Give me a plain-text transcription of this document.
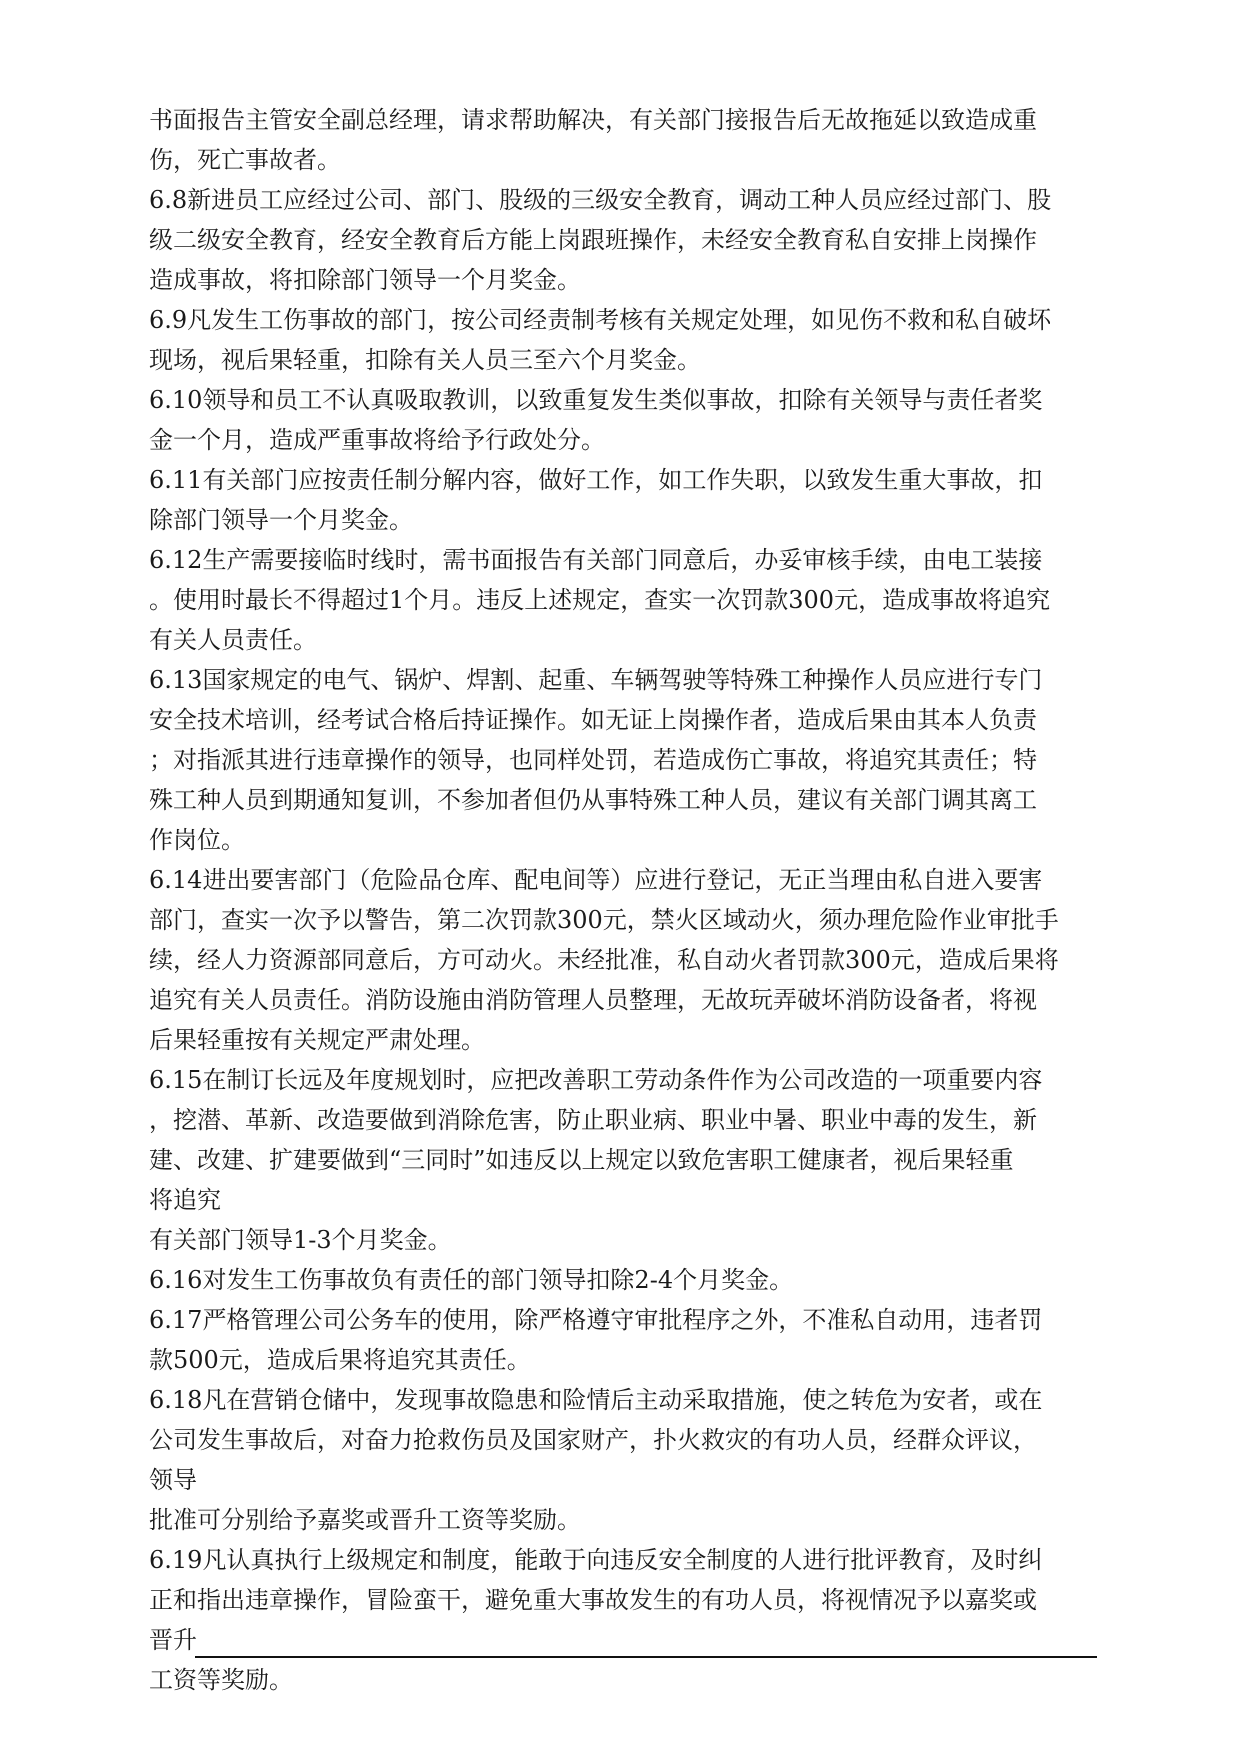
书面报告主管安全副总经理，请求帮助解决，有关部门接报告后无故拖延以致造成重
伤，死亡事故者。
6.8新进员工应经过公司、部门、股级的三级安全教育，调动工种人员应经过部门、股
级二级安全教育，经安全教育后方能上岗跟班操作，未经安全教育私自安排上岗操作
造成事故，将扣除部门领导一个月奖金。
6.9凡发生工伤事故的部门，按公司经责制考核有关规定处理，如见伤不救和私自破坏
现场，视后果轻重，扣除有关人员三至六个月奖金。
6.10领导和员工不认真吸取教训，以致重复发生类似事故，扣除有关领导与责任者奖
金一个月，造成严重事故将给予行政处分。
6.11有关部门应按责任制分解内容，做好工作，如工作失职，以致发生重大事故，扣
除部门领导一个月奖金。
6.12生产需要接临时线时，需书面报告有关部门同意后，办妥审核手续，由电工装接
。使用时最长不得超过1个月。违反上述规定，查实一次罚款300元，造成事故将追究
有关人员责任。
6.13国家规定的电气、锅炉、焊割、起重、车辆驾驶等特殊工种操作人员应进行专门
安全技术培训，经考试合格后持证操作。如无证上岗操作者，造成后果由其本人负责
；对指派其进行违章操作的领导，也同样处罚，若造成伤亡事故，将追究其责任；特
殊工种人员到期通知复训，不参加者但仍从事特殊工种人员，建议有关部门调其离工
作岗位。
6.14进出要害部门（危险品仓库、配电间等）应进行登记，无正当理由私自进入要害
部门，查实一次予以警告，第二次罚款300元，禁火区域动火，须办理危险作业审批手
续，经人力资源部同意后，方可动火。未经批准，私自动火者罚款300元，造成后果将
追究有关人员责任。消防设施由消防管理人员整理，无故玩弄破坏消防设备者，将视
后果轻重按有关规定严肃处理。
6.15在制订长远及年度规划时，应把改善职工劳动条件作为公司改造的一项重要内容
，挖潜、革新、改造要做到消除危害，防止职业病、职业中暑、职业中毒的发生，新
建、改建、扩建要做到“三同时”如违反以上规定以致危害职工健康者，视后果轻重
将追究
有关部门领导1-3个月奖金。
6.16对发生工伤事故负有责任的部门领导扣除2-4个月奖金。
6.17严格管理公司公务车的使用，除严格遵守审批程序之外，不准私自动用，违者罚
款500元，造成后果将追究其责任。
6.18凡在营销仓储中，发现事故隐患和险情后主动采取措施，使之转危为安者，或在
公司发生事故后，对奋力抢救伤员及国家财产，扑火救灾的有功人员，经群众评议，
领导
批准可分别给予嘉奖或晋升工资等奖励。
6.19凡认真执行上级规定和制度，能敢于向违反安全制度的人进行批评教育，及时纠
正和指出违章操作，冒险蛮干，避免重大事故发生的有功人员，将视情况予以嘉奖或
晋升
工资等奖励。
